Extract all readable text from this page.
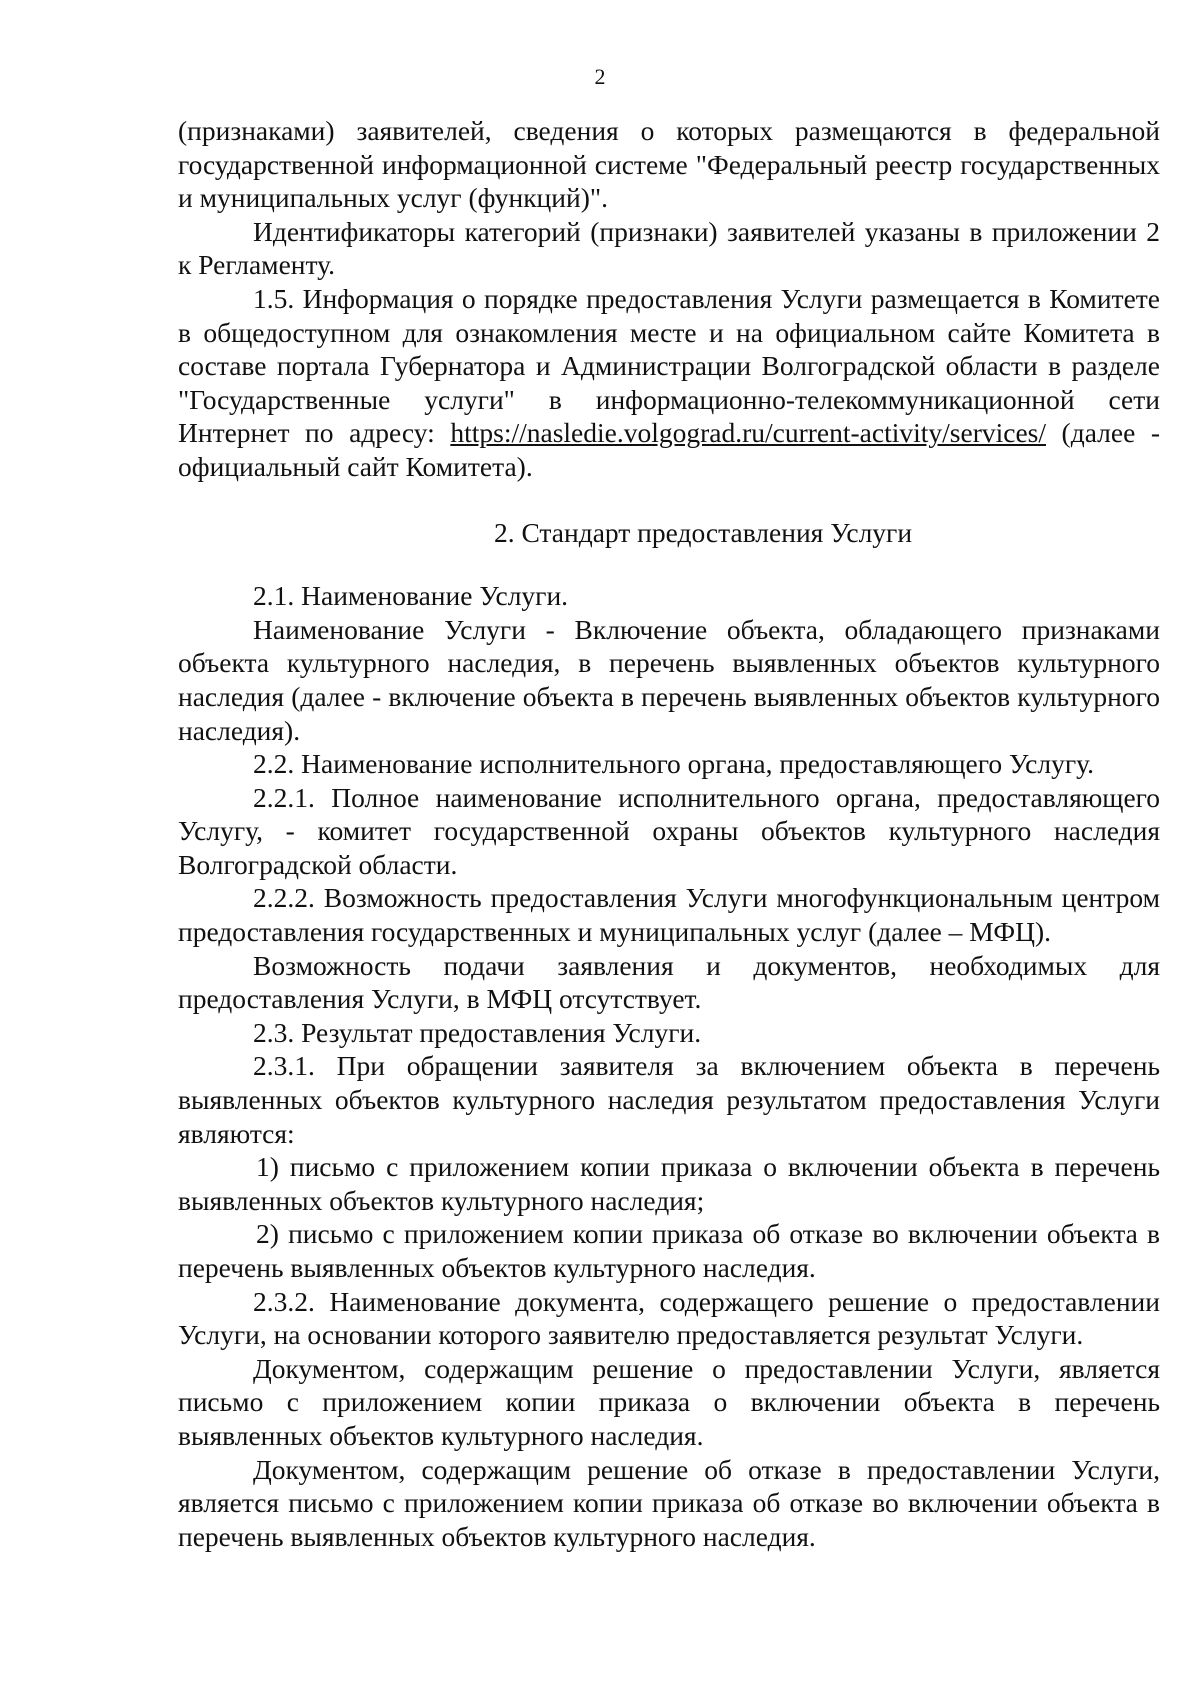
2

(признаками) заявителей, сведения о которых размещаются в федеральной государственной информационной системе "Федеральный реестр государственных и муниципальных услуг (функций)".

Идентификаторы категорий (признаки) заявителей указаны в приложении 2 к Регламенту.

1.5. Информация о порядке предоставления Услуги размещается в Комитете в общедоступном для ознакомления месте и на официальном сайте Комитета в составе портала Губернатора и Администрации Волгоградской области в разделе "Государственные услуги" в информационно-телекоммуникационной сети Интернет по адресу: https://nasledie.volgograd.ru/current-activity/services/ (далее - официальный сайт Комитета).

2. Стандарт предоставления Услуги

2.1. Наименование Услуги.

Наименование Услуги - Включение объекта, обладающего признаками объекта культурного наследия, в перечень выявленных объектов культурного наследия (далее - включение объекта в перечень выявленных объектов культурного наследия).

2.2. Наименование исполнительного органа, предоставляющего Услугу.

2.2.1. Полное наименование исполнительного органа, предоставляющего Услугу, - комитет государственной охраны объектов культурного наследия Волгоградской области.

2.2.2. Возможность предоставления Услуги многофункциональным центром предоставления государственных и муниципальных услуг (далее – МФЦ).

Возможность подачи заявления и документов, необходимых для предоставления Услуги, в МФЦ отсутствует.

2.3. Результат предоставления Услуги.

2.3.1. При обращении заявителя за включением объекта в перечень выявленных объектов культурного наследия результатом предоставления Услуги являются:

1) письмо с приложением копии приказа о включении объекта в перечень выявленных объектов культурного наследия;

2) письмо с приложением копии приказа об отказе во включении объекта в перечень выявленных объектов культурного наследия.

2.3.2. Наименование документа, содержащего решение о предоставлении Услуги, на основании которого заявителю предоставляется результат Услуги.

Документом, содержащим решение о предоставлении Услуги, является письмо с приложением копии приказа о включении объекта в перечень выявленных объектов культурного наследия.

Документом, содержащим решение об отказе в предоставлении Услуги, является письмо с приложением копии приказа об отказе во включении объекта в перечень выявленных объектов культурного наследия.
